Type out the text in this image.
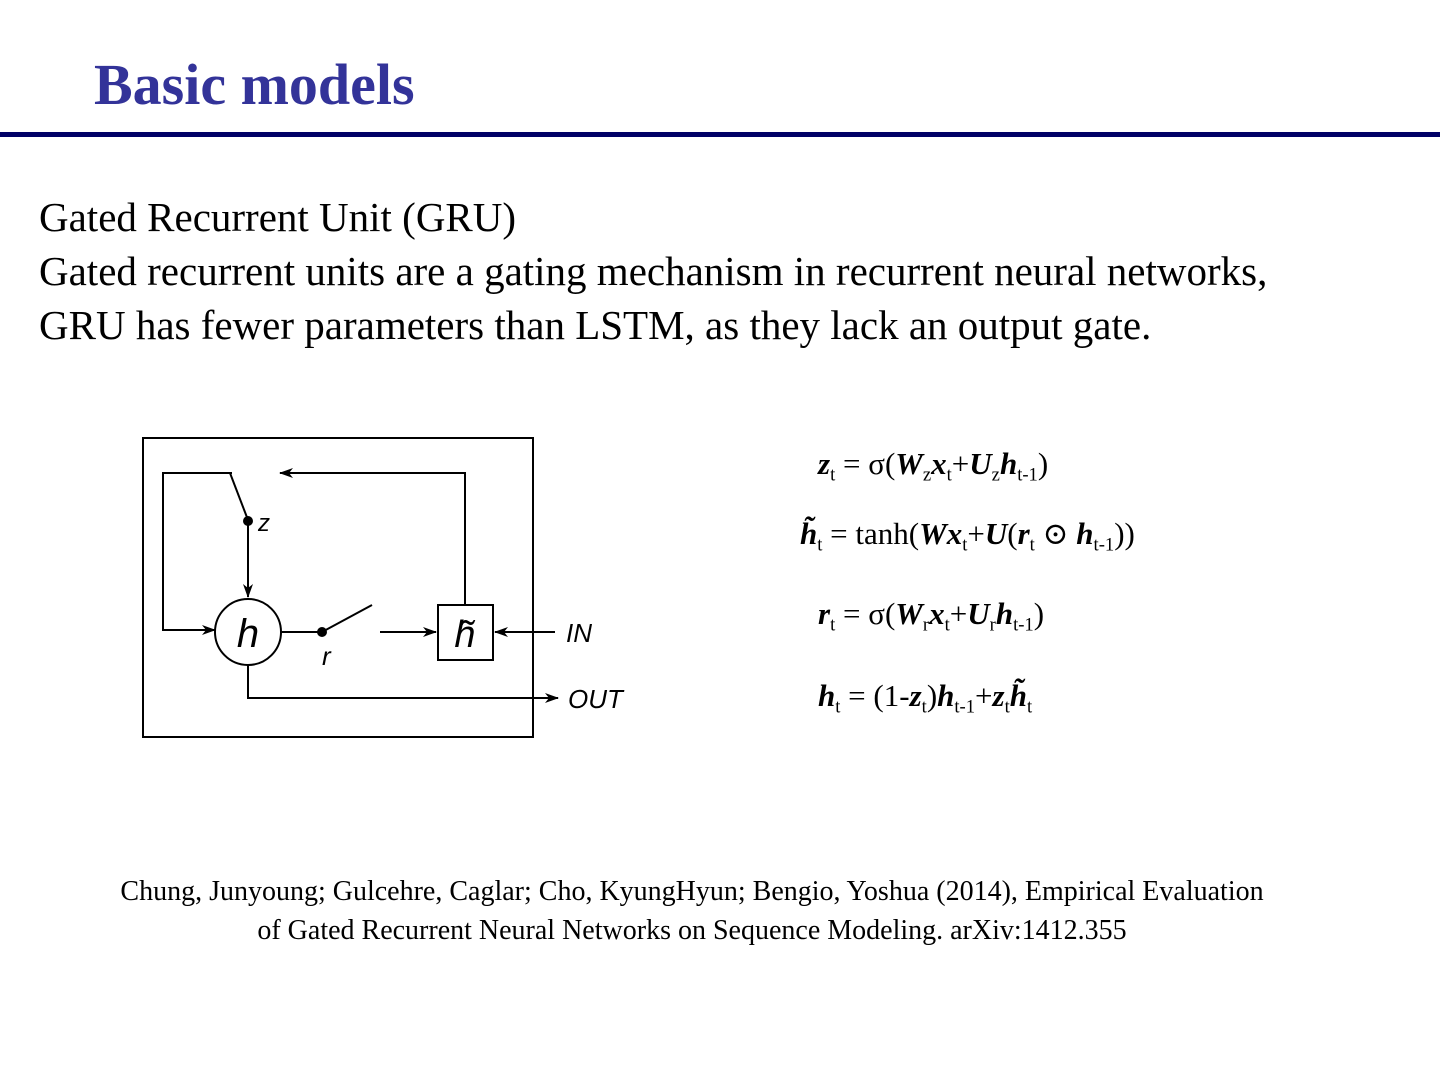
Basic models
Gated Recurrent Unit (GRU)
Gated recurrent units are a gating mechanism in recurrent neural networks,
GRU has fewer parameters than LSTM, as they lack an output gate.
z
h r	h̃	IN
OUT
$z_t = \sigma(W_zx_t+U_zh_{t-1})$
$h̃_t = \tanh(Wx_t+U(r_t$ ⊙ $h_{t-1}$))
$r_t = \sigma(W_rx_t+U_rh_{t-1})$
$h_t$ = $(1-z_t)h_{t-1}+z_th̃_t$
Chung, Junyoung; Gulcehre, Caglar; Cho, KyungHyun; Bengio, Yoshua (2014), Empirical Evaluation
of Gated Recurrent Neural Networks on Sequence Modeling. arXiv:1412.355
